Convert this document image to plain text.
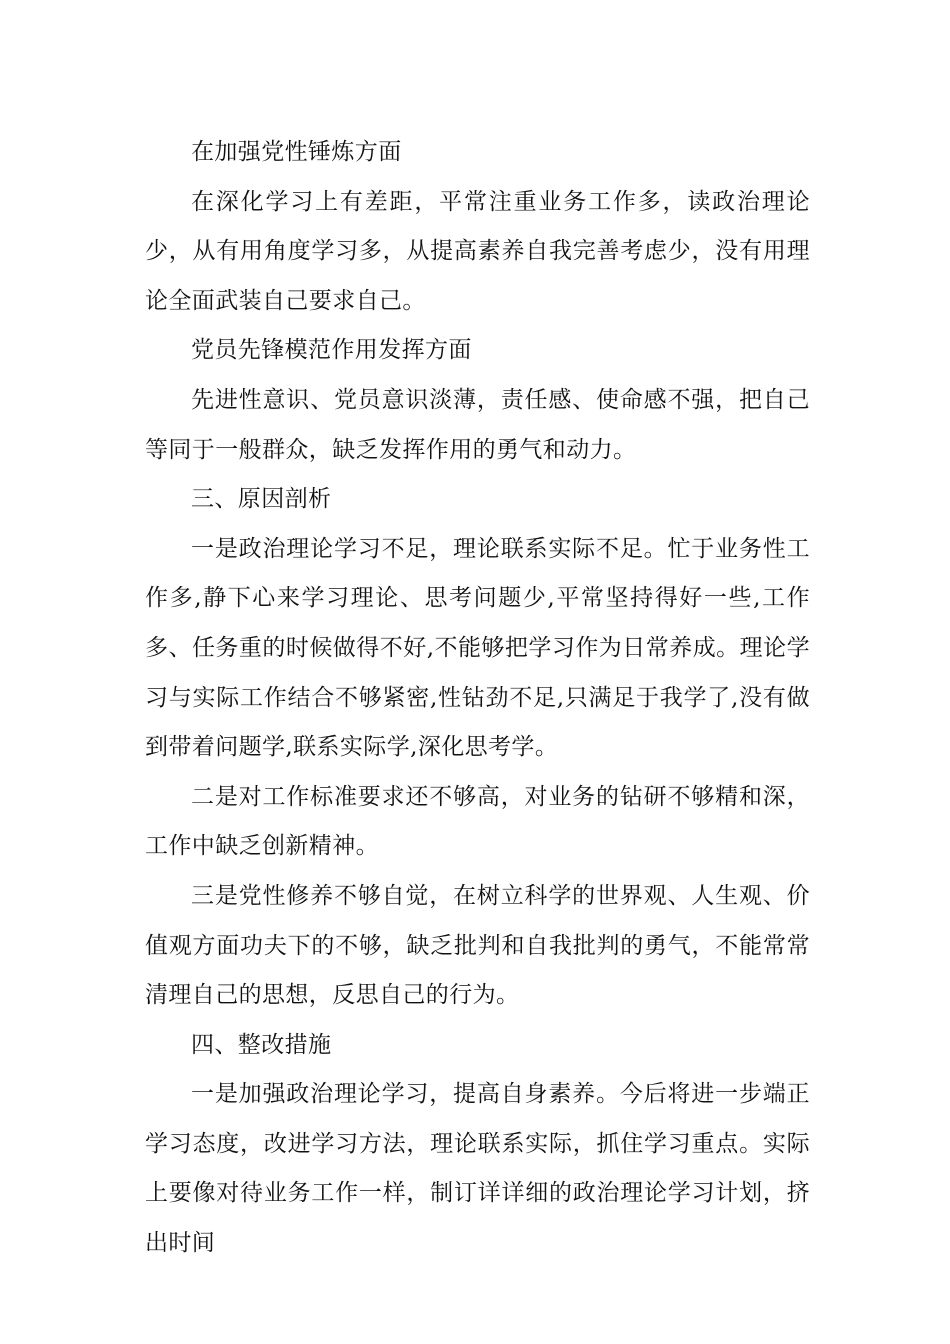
在加强党性锤炼方面

在深化学习上有差距，平常注重业务工作多，读政治理论少，从有用角度学习多，从提高素养自我完善考虑少，没有用理论全面武装自己要求自己。

党员先锋模范作用发挥方面

先进性意识、党员意识淡薄，责任感、使命感不强，把自己等同于一般群众，缺乏发挥作用的勇气和动力。

三、原因剖析

一是政治理论学习不足，理论联系实际不足。忙于业务性工作多,静下心来学习理论、思考问题少,平常坚持得好一些,工作多、任务重的时候做得不好,不能够把学习作为日常养成。理论学习与实际工作结合不够紧密,性钻劲不足,只满足于我学了,没有做到带着问题学,联系实际学,深化思考学。

二是对工作标准要求还不够高，对业务的钻研不够精和深，工作中缺乏创新精神。

三是党性修养不够自觉，在树立科学的世界观、人生观、价值观方面功夫下的不够，缺乏批判和自我批判的勇气，不能常常清理自己的思想，反思自己的行为。

四、整改措施

一是加强政治理论学习，提高自身素养。今后将进一步端正学习态度，改进学习方法，理论联系实际，抓住学习重点。实际上要像对待业务工作一样，制订详详细的政治理论学习计划，挤出时间
